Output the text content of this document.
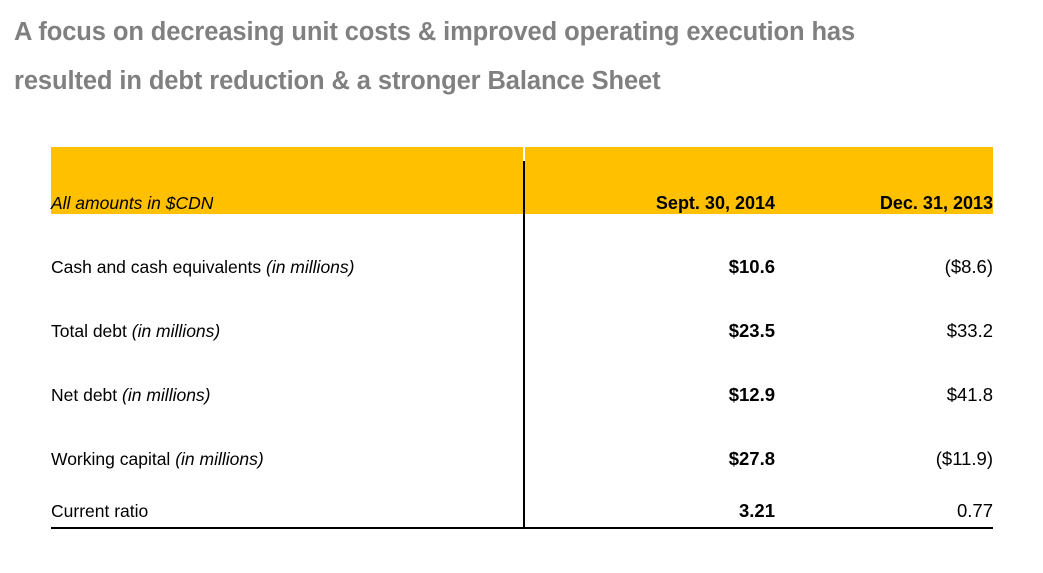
A focus on decreasing unit costs & improved operating execution has
resulted in debt reduction & a stronger Balance Sheet
All amounts in $CDN	Sept. 30, 2014	Dec. 31, 2013
Cash and cash equivalents (in millions)	$10.6	($8.6)
Total debt (in millions)	$23.5	$33.2
Net debt (in millions)	$12.9	$41.8
Working capital (in millions)	$27.8	($11.9)
Current ratio	3.21	0.77
